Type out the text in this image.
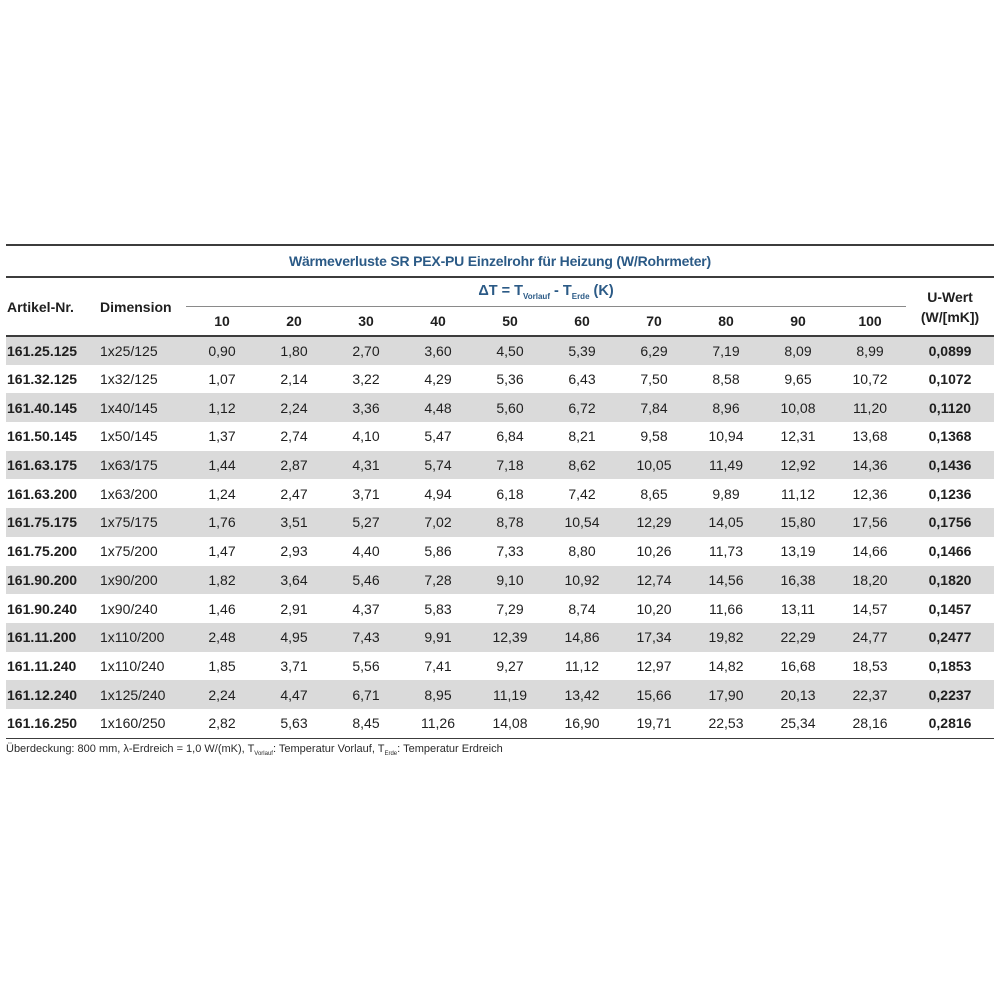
Wärmeverluste SR PEX-PU Einzelrohr für Heizung (W/Rohrmeter)
Artikel-Nr.	Dimension	$\Delta T = T_{Vorlauf} - T_{Erde}$ (K)										U-Wert
(W/[mK])
		10	20	30	40	50	60	70	80	90	100	
161.25.125	1x25/125	0,90	1,80	2,70	3,60	4,50	5,39	6,29	7,19	8,09	8,99	0,0899
161.32.125	1x32/125	1,07	2,14	3,22	4,29	5,36	6,43	7,50	8,58	9,65	10,72	0,1072
161.40.145	1x40/145	1,12	2,24	3,36	4,48	5,60	6,72	7,84	8,96	10,08	11,20	0,1120
161.50.145	1x50/145	1,37	2,74	4,10	5,47	6,84	8,21	9,58	10,94	12,31	13,68	0,1368
161.63.175	1x63/175	1,44	2,87	4,31	5,74	7,18	8,62	10,05	11,49	12,92	14,36	0,1436
161.63.200	1x63/200	1,24	2,47	3,71	4,94	6,18	7,42	8,65	9,89	11,12	12,36	0,1236
161.75.175	1x75/175	1,76	3,51	5,27	7,02	8,78	10,54	12,29	14,05	15,80	17,56	0,1756
161.75.200	1x75/200	1,47	2,93	4,40	5,86	7,33	8,80	10,26	11,73	13,19	14,66	0,1466
161.90.200	1x90/200	1,82	3,64	5,46	7,28	9,10	10,92	12,74	14,56	16,38	18,20	0,1820
161.90.240	1x90/240	1,46	2,91	4,37	5,83	7,29	8,74	10,20	11,66	13,11	14,57	0,1457
161.11.200	1x110/200	2,48	4,95	7,43	9,91	12,39	14,86	17,34	19,82	22,29	24,77	0,2477
161.11.240	1x110/240	1,85	3,71	5,56	7,41	9,27	11,12	12,97	14,82	16,68	18,53	0,1853
161.12.240	1x125/240	2,24	4,47	6,71	8,95	11,19	13,42	15,66	17,90	20,13	22,37	0,2237
161.16.250	1x160/250	2,82	5,63	8,45	11,26	14,08	16,90	19,71	22,53	25,34	28,16	0,2816
Überdeckung: 800 mm, λ-Erdreich = 1,0 W/(mK), $T_{Vorlauf}$: Temperatur Vorlauf, $T_{Erde}$: Temperatur Erdreich
